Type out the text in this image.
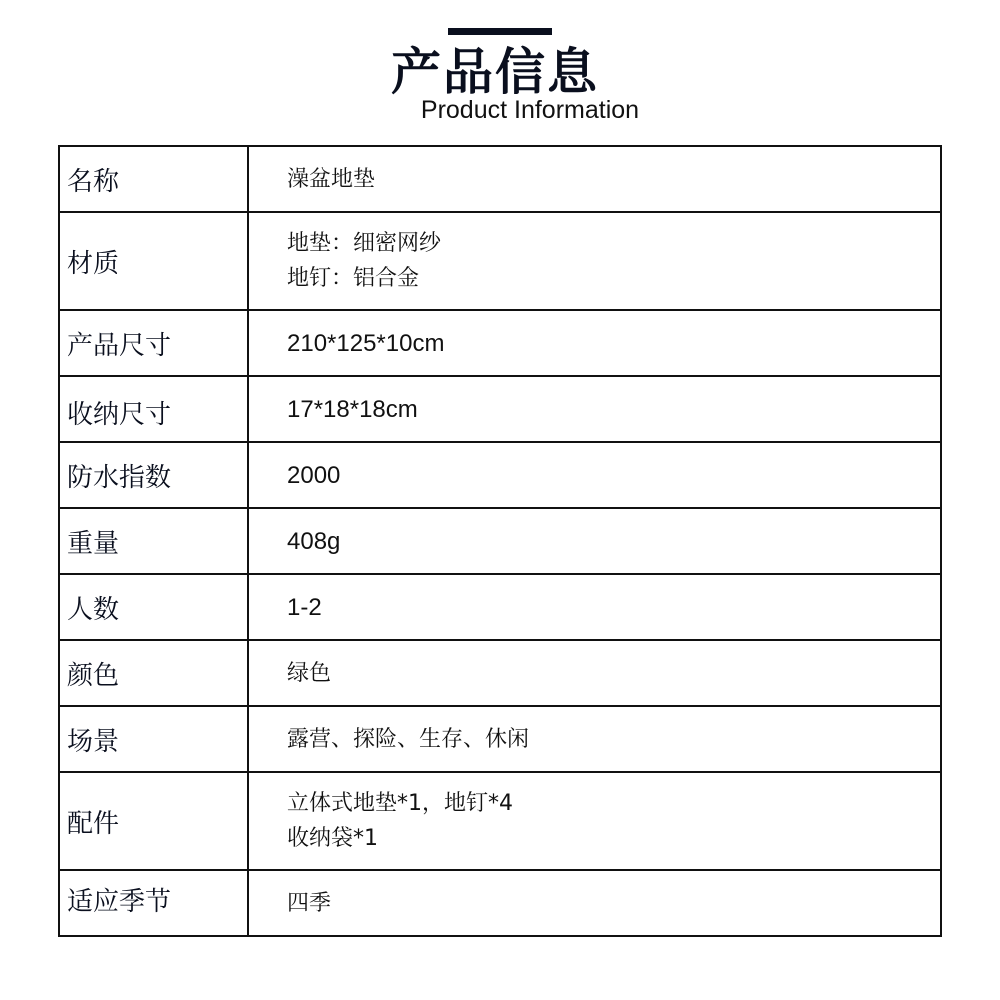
产品信息
Product Information
名称	澡盆地垫

材质	地垫：细密网纱
地钉：铝合金

产品尺寸	210*125*10cm

收纳尺寸	17*18*18cm

防水指数	2000

重量	408g

人数	1-2

颜色	绿色

场景	露营、探险、生存、休闲

配件	立体式地垫*1，地钉*4
收纳袋*1

适应季节	四季
